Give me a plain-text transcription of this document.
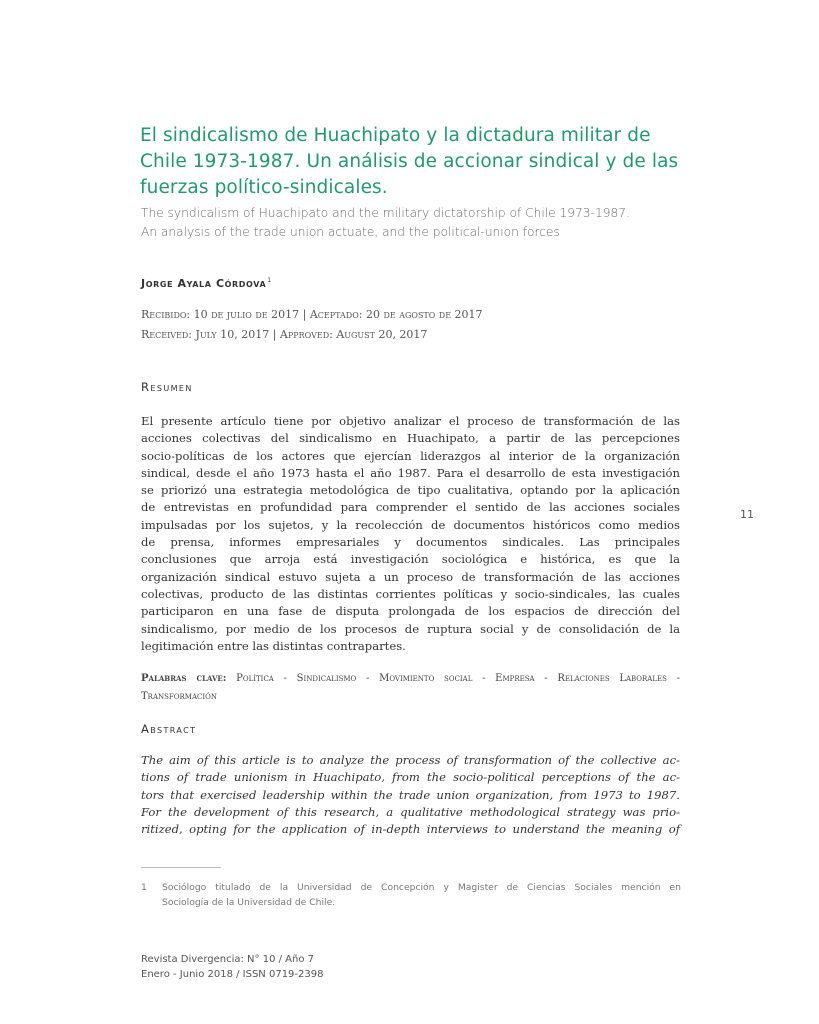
El sindicalismo de Huachipato y la dictadura militar de
Chile 1973-1987. Un análisis de accionar sindical y de las
fuerzas político-sindicales.
The syndicalism of Huachipato and the military dictatorship of Chile 1973-1987.
An analysis of the trade union actuate, and the political-union forces
Jorge Ayala Córdova$^1$
Recibido: 10 de julio de 2017 | Aceptado: 20 de agosto de 2017
Received: July 10, 2017 | Approved: August 20, 2017
Resumen
El presente artículo tiene por objetivo analizar el proceso de transformación de las
acciones colectivas del sindicalismo en Huachipato, a partir de las percepciones
socio-políticas de los actores que ejercían liderazgos al interior de la organización
sindical, desde el año 1973 hasta el año 1987. Para el desarrollo de esta investigación
se priorizó una estrategia metodológica de tipo cualitativa, optando por la aplicación
de entrevistas en profundidad para comprender el sentido de las acciones sociales
impulsadas por los sujetos, y la recolección de documentos históricos como medios
de prensa, informes empresariales y documentos sindicales. Las principales
conclusiones que arroja está investigación sociológica e histórica, es que la
organización sindical estuvo sujeta a un proceso de transformación de las acciones
colectivas, producto de las distintas corrientes políticas y socio-sindicales, las cuales
participaron en una fase de disputa prolongada de los espacios de dirección del
sindicalismo, por medio de los procesos de ruptura social y de consolidación de la
legitimación entre las distintas contrapartes.
Palabras clave: Política - Sindicalismo - Movimiento social - Empresa - Relaciones Laborales -
Transformación
Abstract
The aim of this article is to analyze the process of transformation of the collective ac-
tions of trade unionism in Huachipato, from the socio-political perceptions of the ac-
tors that exercised leadership within the trade union organization, from 1973 to 1987.
For the development of this research, a qualitative methodological strategy was prio-
ritized, opting for the application of in-depth interviews to understand the meaning of
11
1 Sociólogo titulado de la Universidad de Concepción y Magister de Ciencias Sociales mención en
Sociología de la Universidad de Chile.
Revista Divergencia: N° 10 / Año 7
Enero - Junio 2018 / ISSN 0719-2398
